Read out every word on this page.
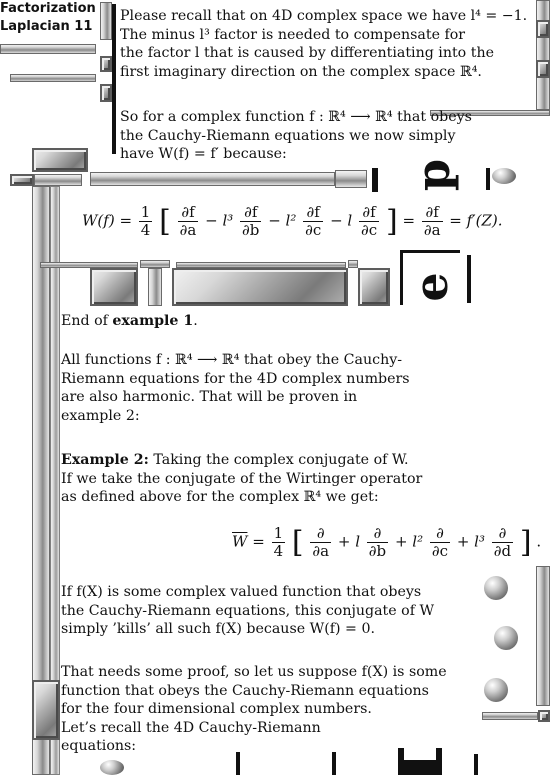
Factorization
Laplacian 11
p
e
Please recall that on 4D complex space we have l⁴ = −1.
The minus l³ factor is needed to compensate for
the factor l that is caused by differentiating into the
first imaginary direction on the complex space ℝ⁴.
So for a complex function f : ℝ⁴ ⟶ ℝ⁴ that obeys
the Cauchy-Riemann equations we now simply
have W(f) = f′ because:
$W(f) = \frac{1}{4}$ [ $\frac{\partial f}{\partial a} - l^3 \frac{\partial f}{\partial b} - l^2 \frac{\partial f}{\partial c} - l \frac{\partial f}{\partial c}$ ] = $\frac{\partial f}{\partial a} = f'(Z)$.
End of example 1.
All functions f : ℝ⁴ ⟶ ℝ⁴ that obey the Cauchy-
Riemann equations for the 4D complex numbers
are also harmonic. That will be proven in
example 2:
Example 2: Taking the complex conjugate of W.
If we take the conjugate of the Wirtinger operator
as defined above for the complex ℝ⁴ we get:
$\overline{W} = \frac{1}{4}$ [ $\frac{\partial}{\partial a} + l \frac{\partial}{\partial b} + l^2 \frac{\partial}{\partial c} + l^3 \frac{\partial}{\partial d}$ ] .
If f(X) is some complex valued function that obeys
the Cauchy-Riemann equations, this conjugate of W
simply ’kills’ all such f(X) because W(f) = 0.
That needs some proof, so let us suppose f(X) is some
function that obeys the Cauchy-Riemann equations
for the four dimensional complex numbers.
Let’s recall the 4D Cauchy-Riemann
equations:
